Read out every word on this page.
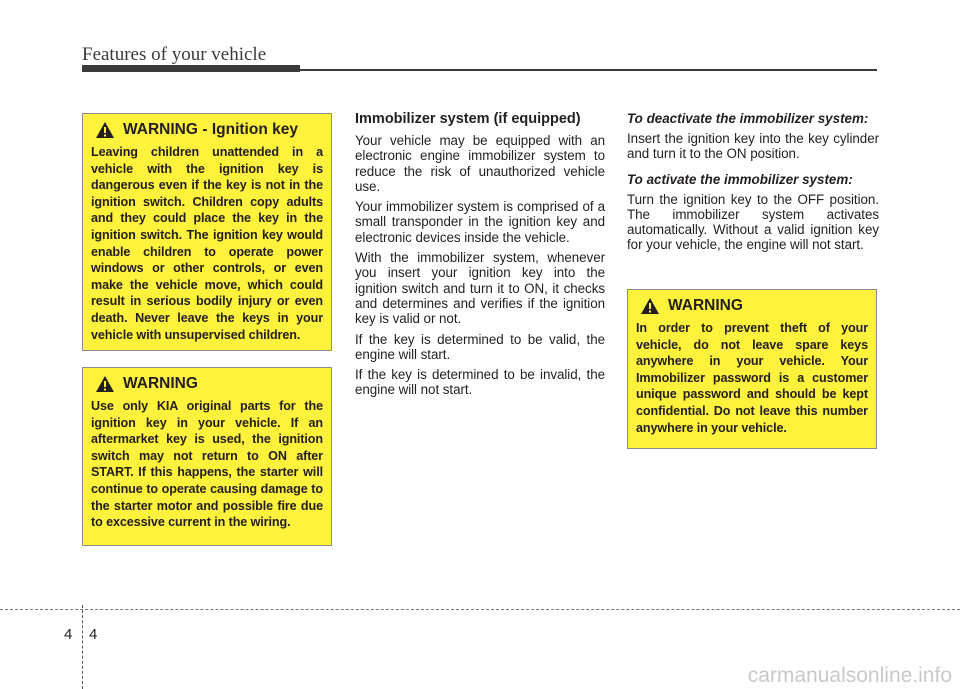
Features of your vehicle
WARNING
- Ignition key
Leaving children unattended in a vehicle with the ignition key is dangerous even if the key is not in the ignition switch. Children copy adults and they could place the key in the ignition switch. The ignition key would enable children to operate power windows or other controls, or even make the vehicle move, which could result in serious bodily injury or even death. Never leave the keys in your vehicle with unsupervised children.
WARNING
Use only KIA original parts for the ignition key in your vehicle. If an aftermarket key is used, the ignition switch may not return to ON after START. If this happens, the starter will continue to operate causing damage to the starter motor and possible fire due to excessive current in the wiring.
Immobilizer system (if equipped)

Your vehicle may be equipped with an electronic engine immobilizer system to reduce the risk of unauthorized vehicle use.

Your immobilizer system is comprised of a small transponder in the ignition key and electronic devices inside the vehicle.

With the immobilizer system, whenever you insert your ignition key into the ignition switch and turn it to ON, it checks and determines and verifies if the ignition key is valid or not.

If the key is determined to be valid, the engine will start.

If the key is determined to be invalid, the engine will not start.

To deactivate the immobilizer system:

Insert the ignition key into the key cylinder and turn it to the ON position.

To activate the immobilizer system:

Turn the ignition key to the OFF position. The immobilizer system activates automatically. Without a valid ignition key for your vehicle, the engine will not start.

WARNING
In order to prevent theft of your vehicle, do not leave spare keys anywhere in your vehicle. Your Immobilizer password is a customer unique password and should be kept confidential. Do not leave this number anywhere in your vehicle.
4 4
carmanualsonline.info
